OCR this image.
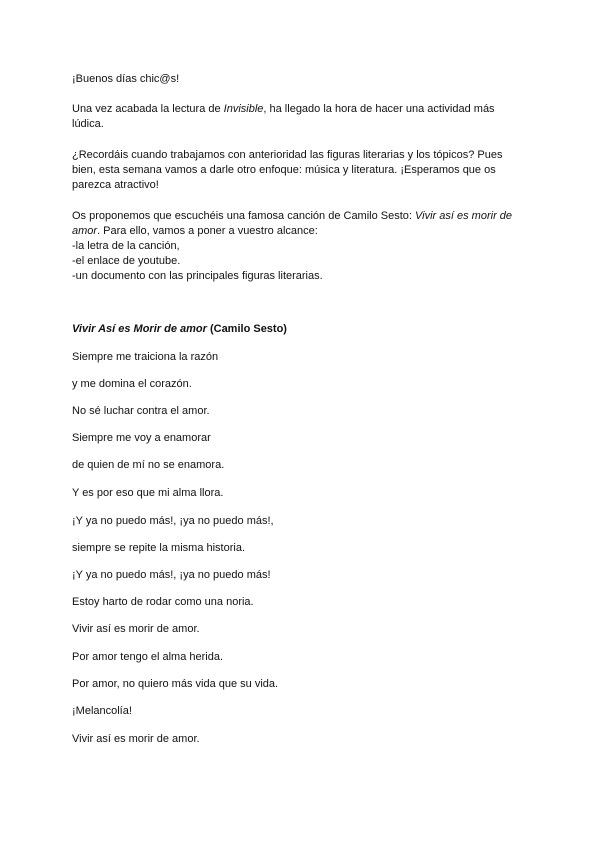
¡Buenos días chic@s!

Una vez acabada la lectura de Invisible, ha llegado la hora de hacer una actividad más
lúdica.

¿Recordáis cuando trabajamos con anterioridad las figuras literarias y los tópicos? Pues
bien, esta semana vamos a darle otro enfoque: música y literatura. ¡Esperamos que os
parezca atractivo!

Os proponemos que escuchéis una famosa canción de Camilo Sesto: Vivir así es morir de
amor. Para ello, vamos a poner a vuestro alcance:
-la letra de la canción,
-el enlace de youtube.
-un documento con las principales figuras literarias.

Vivir Así es Morir de amor (Camilo Sesto)

Siempre me traiciona la razón

y me domina el corazón.

No sé luchar contra el amor.

Siempre me voy a enamorar

de quien de mí no se enamora.

Y es por eso que mi alma llora.

¡Y ya no puedo más!, ¡ya no puedo más!,

siempre se repite la misma historia.

¡Y ya no puedo más!, ¡ya no puedo más!

Estoy harto de rodar como una noria.

Vivir así es morir de amor.

Por amor tengo el alma herida.

Por amor, no quiero más vida que su vida.

¡Melancolía!

Vivir así es morir de amor.
